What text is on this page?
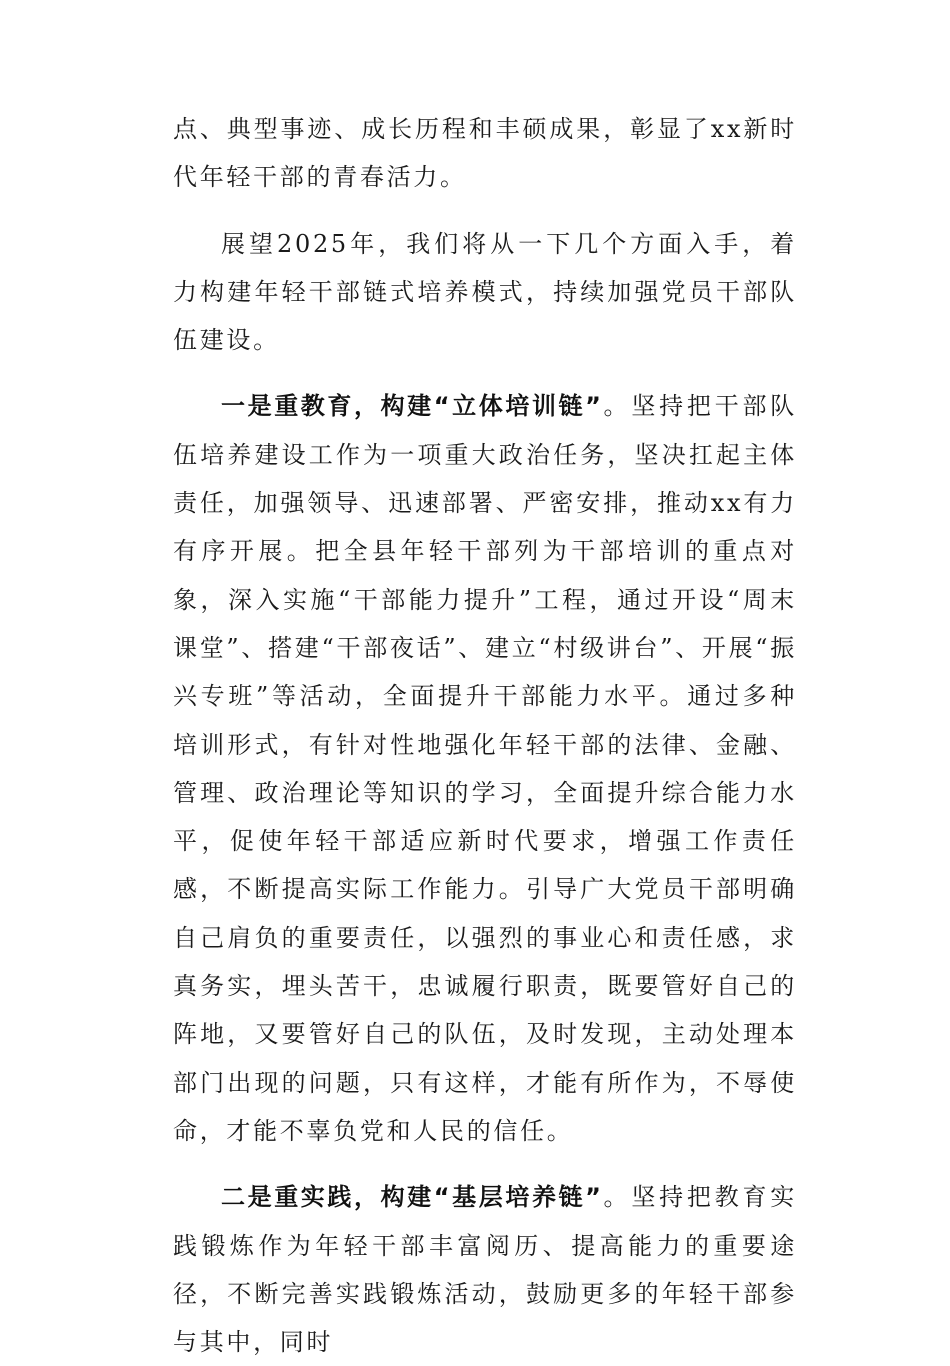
点、典型事迹、成长历程和丰硕成果，彰显了xx新时代年轻干部的青春活力。

展望2025年，我们将从一下几个方面入手，着力构建年轻干部链式培养模式，持续加强党员干部队伍建设。

一是重教育，构建“立体培训链”。坚持把干部队伍培养建设工作为一项重大政治任务，坚决扛起主体责任，加强领导、迅速部署、严密安排，推动xx有力有序开展。把全县年轻干部列为干部培训的重点对象，深入实施“干部能力提升”工程，通过开设“周末课堂”、搭建“干部夜话”、建立“村级讲台”、开展“振兴专班”等活动，全面提升干部能力水平。通过多种培训形式，有针对性地强化年轻干部的法律、金融、管理、政治理论等知识的学习，全面提升综合能力水平，促使年轻干部适应新时代要求，增强工作责任感，不断提高实际工作能力。引导广大党员干部明确自己肩负的重要责任，以强烈的事业心和责任感，求真务实，埋头苦干，忠诚履行职责，既要管好自己的阵地，又要管好自己的队伍，及时发现，主动处理本部门出现的问题，只有这样，才能有所作为，不辱使命，才能不辜负党和人民的信任。

二是重实践，构建“基层培养链”。坚持把教育实践锻炼作为年轻干部丰富阅历、提高能力的重要途径，不断完善实践锻炼活动，鼓励更多的年轻干部参与其中，同时
